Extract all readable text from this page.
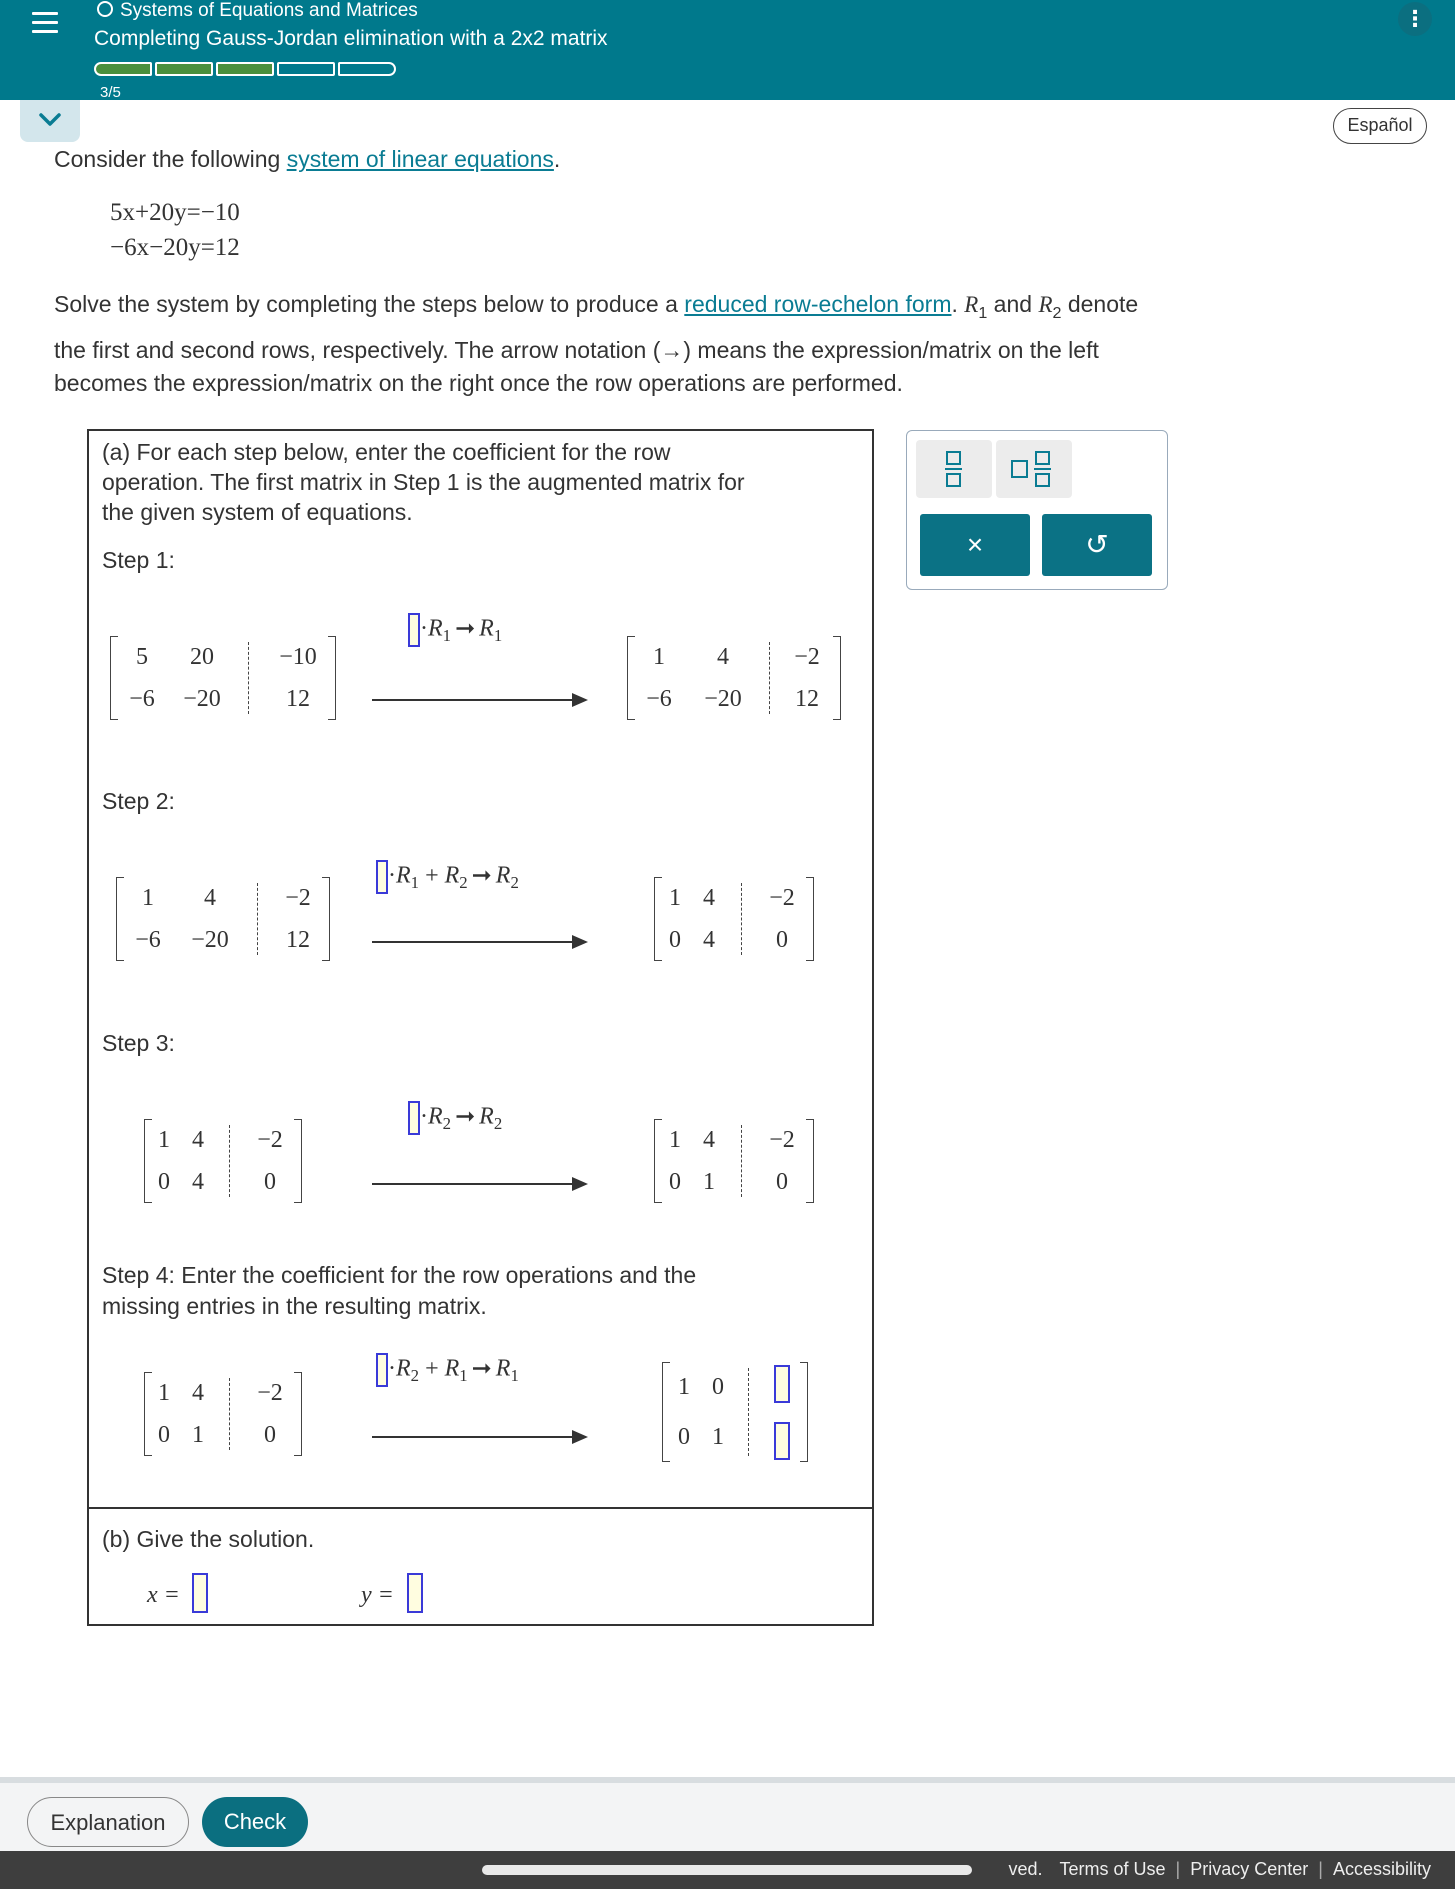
Systems of Equations and Matrices
Completing Gauss-Jordan elimination with a 2x2 matrix
3/5
⋮
Español
Consider the following system of linear equations.
5x+20y=−10
−6x−20y=12
Solve the system by completing the steps below to produce a reduced row-echelon form. $R_1$ and $R_2$ denote
the first and second rows, respectively. The arrow notation (→) means the expression/matrix on the left
becomes the expression/matrix on the right once the row operations are performed.
(a) For each step below, enter the coefficient for the row
operation. The first matrix in Step 1 is the augmented matrix for
the given system of equations.
Step 1:
5	20	−10
−6	−20	12
$\cdot R_1$ ➞ $R_1$
1	4	−2
−6	−20	12
Step 2:
1	4	−2
−6	−20	12
$\cdot R_1 + R_2$ ➞ $R_2$
1 4	−2
0 4	0
Step 3:
1 4	−2
0 4	0
$\cdot R_2$ ➞ $R_2$
1 4	−2
0 1	0
Step 4: Enter the coefficient for the row operations and the
missing entries in the resulting matrix.
1 4	−2
0 1	0
$\cdot R_2 + R_1$ ➞ $R_1$	1 0
0 1
(b) Give the solution.
x =	y =
×	↺
Explanation	Check
ved. Terms of Use | Privacy Center | Accessibility
